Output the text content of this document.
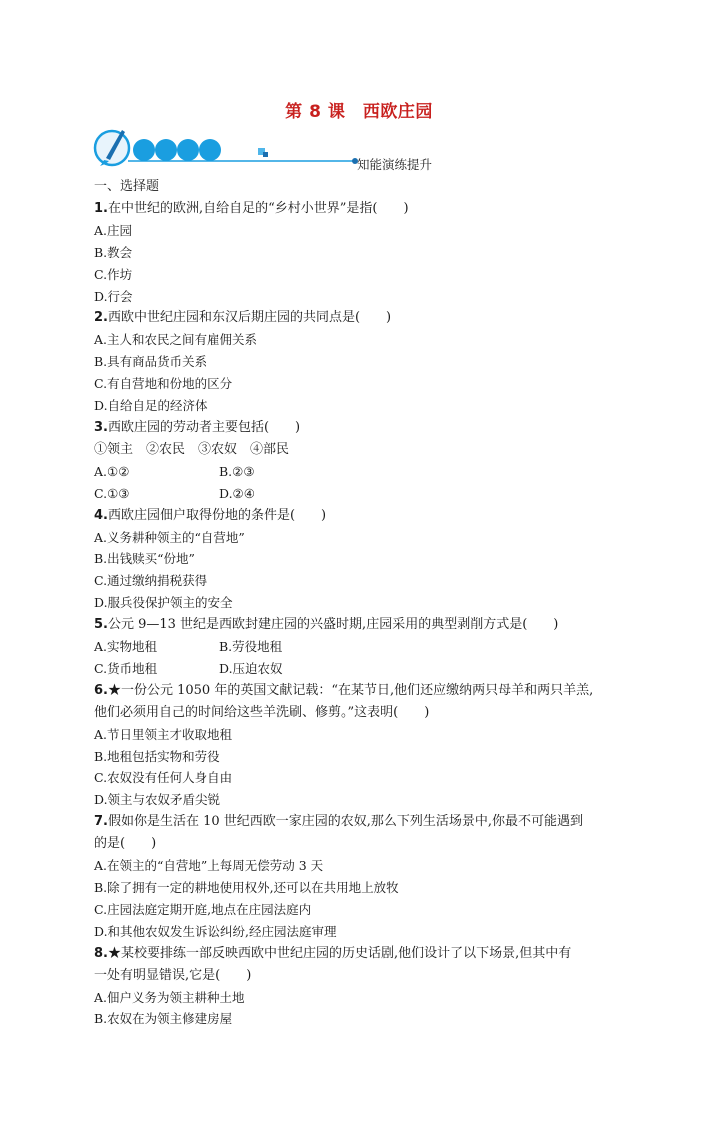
第 8 课　西欧庄园
知能演练提升
一、选择题
1.在中世纪的欧洲,自给自足的“乡村小世界”是指(　　)
A.庄园
B.教会
C.作坊
D.行会
2.西欧中世纪庄园和东汉后期庄园的共同点是(　　)
A.主人和农民之间有雇佣关系
B.具有商品货币关系
C.有自营地和份地的区分
D.自给自足的经济体
3.西欧庄园的劳动者主要包括(　　)
①领主　②农民　③农奴　④部民
A.①②	B.②③
C.①③	D.②④
4.西欧庄园佃户取得份地的条件是(　　)
A.义务耕种领主的“自营地”
B.出钱赎买“份地”
C.通过缴纳捐税获得
D.服兵役保护领主的安全
5.公元 9—13 世纪是西欧封建庄园的兴盛时期,庄园采用的典型剥削方式是(　　)
A.实物地租	B.劳役地租
C.货币地租	D.压迫农奴
6.★一份公元 1050 年的英国文献记载：“在某节日,他们还应缴纳两只母羊和两只羊羔,
他们必须用自己的时间给这些羊洗刷、修剪。”这表明(　　)
A.节日里领主才收取地租
B.地租包括实物和劳役
C.农奴没有任何人身自由
D.领主与农奴矛盾尖锐
7.假如你是生活在 10 世纪西欧一家庄园的农奴,那么下列生活场景中,你最不可能遇到
的是(　　)
A.在领主的“自营地”上每周无偿劳动 3 天
B.除了拥有一定的耕地使用权外,还可以在共用地上放牧
C.庄园法庭定期开庭,地点在庄园法庭内
D.和其他农奴发生诉讼纠纷,经庄园法庭审理
8.★某校要排练一部反映西欧中世纪庄园的历史话剧,他们设计了以下场景,但其中有
一处有明显错误,它是(　　)
A.佃户义务为领主耕种土地
B.农奴在为领主修建房屋
